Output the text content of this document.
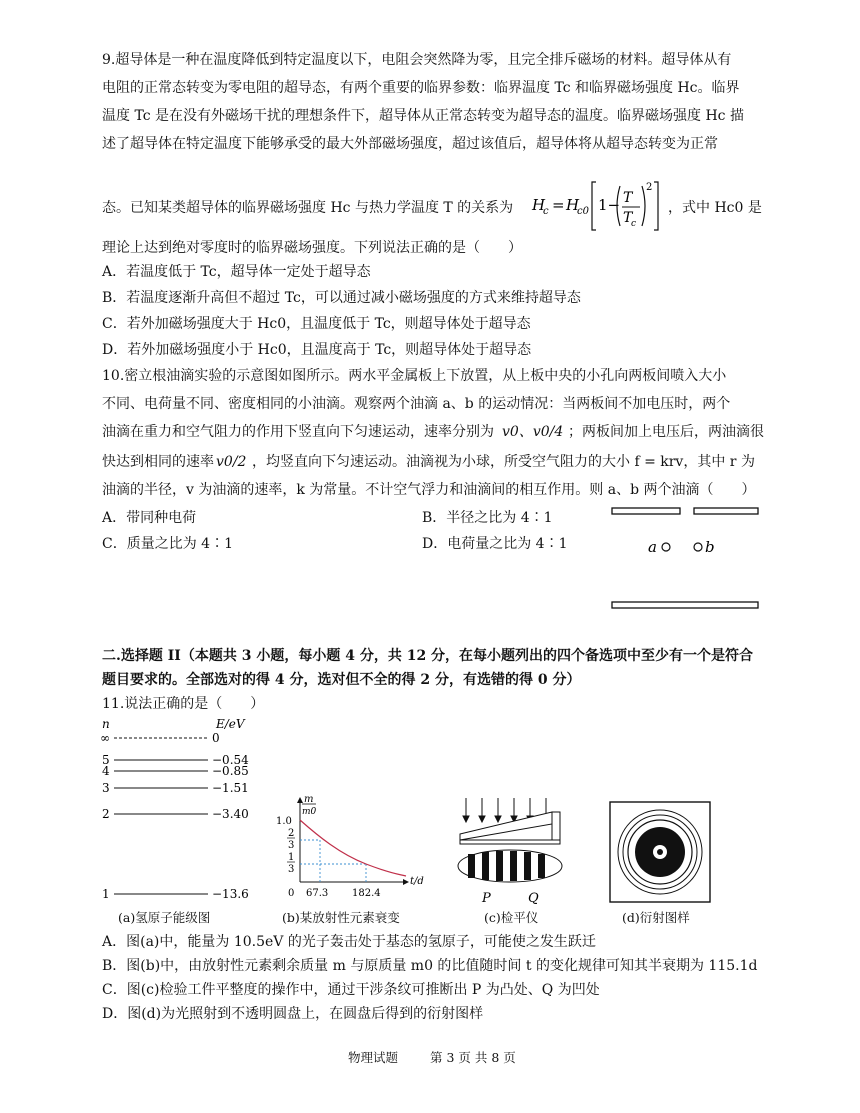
9.超导体是一种在温度降低到特定温度以下，电阻会突然降为零，且完全排斥磁场的材料。超导体从有
电阻的正常态转变为零电阻的超导态，有两个重要的临界参数：临界温度 Tc 和临界磁场强度 Hc。临界
温度 Tc 是在没有外磁场干扰的理想条件下，超导体从正常态转变为超导态的温度。临界磁场强度 Hc 描
述了超导体在特定温度下能够承受的最大外部磁场强度，超过该值后，超导体将从超导态转变为正常
态。已知某类超导体的临界磁场强度 Hc 与热力学温度 T 的关系为 H
c = H
c0 1− T
T
c
2
，式中 Hc0 是
理论上达到绝对零度时的临界磁场强度。下列说法正确的是（　　）
A．若温度低于 Tc，超导体一定处于超导态
B．若温度逐渐升高但不超过 Tc，可以通过减小磁场强度的方式来维持超导态
C．若外加磁场强度大于 Hc0，且温度低于 Tc，则超导体处于超导态
D．若外加磁场强度小于 Hc0，且温度高于 Tc，则超导体处于超导态
10.密立根油滴实验的示意图如图所示。两水平金属板上下放置，从上板中央的小孔向两板间喷入大小
不同、电荷量不同、密度相同的小油滴。观察两个油滴 a、b 的运动情况：当两板间不加电压时，两个
油滴在重力和空气阻力的作用下竖直向下匀速运动，速率分别为 v0、v0/4 ；两板间加上电压后，两油滴很
快达到相同的速率 v0/2 ，均竖直向下匀速运动。油滴视为小球，所受空气阻力的大小 f = krv，其中 r 为
油滴的半径，v 为油滴的速率，k 为常量。不计空气浮力和油滴间的相互作用。则 a、b 两个油滴（　　）
A．带同种电荷	B．半径之比为 4∶1
C．质量之比为 4∶1	D．电荷量之比为 4∶1	a	b
二.选择题 II（本题共 3 小题，每小题 4 分，共 12 分，在每小题列出的四个备选项中至少有一个是符合
题目要求的。全部选对的得 4 分，选对但不全的得 2 分，有选错的得 0 分）
11.说法正确的是（　　）
n	E/eV
∞	0
5	−0.54
4	−0.85
3	−1.51
2	−3.40
1	−13.6
m
m0
t/d
1.0
2
3
1
3
0 67.3 182.4	P	Q
(a)氢原子能级图	(b)某放射性元素衰变	(c)检平仪	(d)衍射图样
A．图(a)中，能量为 10.5eV 的光子轰击处于基态的氢原子，可能使之发生跃迁
B．图(b)中，由放射性元素剩余质量 m 与原质量 m0 的比值随时间 t 的变化规律可知其半衰期为 115.1d
C．图(c)检验工件平整度的操作中，通过干涉条纹可推断出 P 为凸处、Q 为凹处
D．图(d)为光照射到不透明圆盘上，在圆盘后得到的衍射图样
物理试题	第 3 页 共 8 页
